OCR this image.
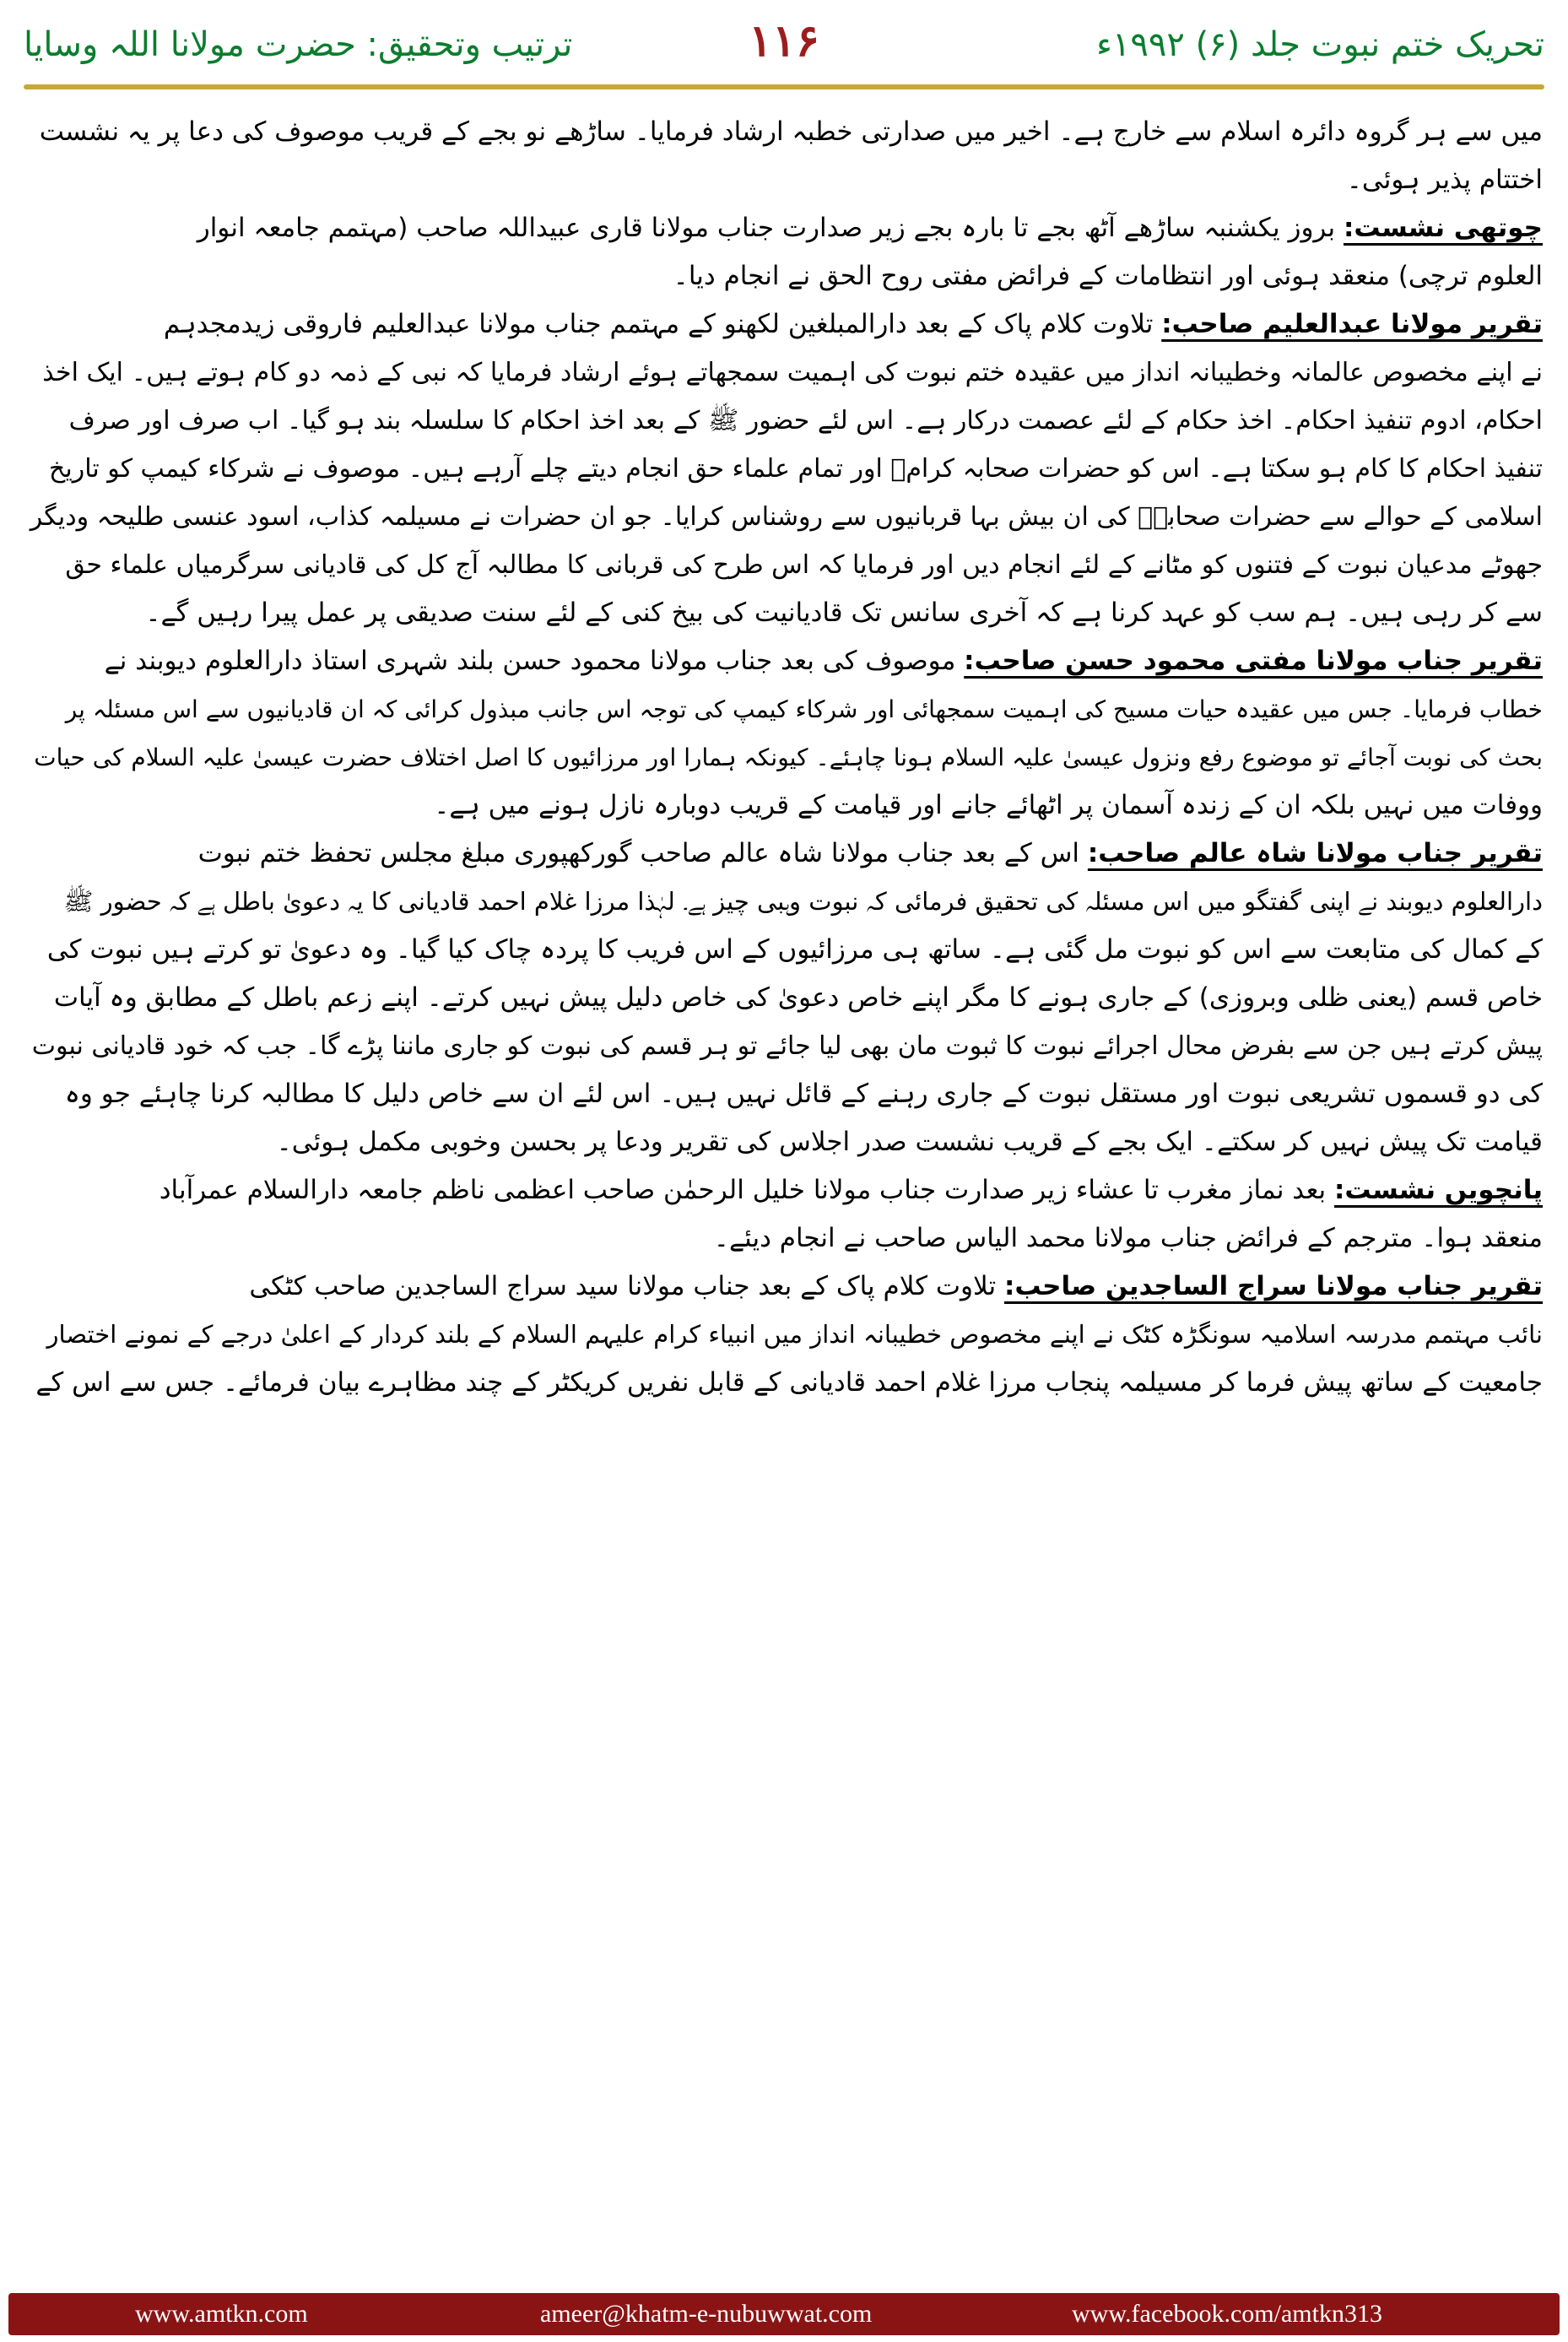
تحریک ختم نبوت جلد (۶) ۱۹۹۲ء
۱۱۶
ترتیب وتحقیق: حضرت مولانا اللہ وسایا
میں سے ہر گروہ دائرہ اسلام سے خارج ہے۔ اخیر میں صدارتی خطبہ ارشاد فرمایا۔ ساڑھے نو بجے کے قریب موصوف کی دعا پر یہ نشست
اختتام پذیر ہوئی۔
چوتھی نشست: بروز یکشنبہ ساڑھے آٹھ بجے تا بارہ بجے زیر صدارت جناب مولانا قاری عبیداللہ صاحب (مہتمم جامعہ انوار
العلوم ترچی) منعقد ہوئی اور انتظامات کے فرائض مفتی روح الحق نے انجام دیا۔
تقریر مولانا عبدالعلیم صاحب: تلاوت کلام پاک کے بعد دارالمبلغین لکھنو کے مہتمم جناب مولانا عبدالعلیم فاروقی زیدمجدہم
نے اپنے مخصوص عالمانہ وخطیبانہ انداز میں عقیدہ ختم نبوت کی اہمیت سمجھاتے ہوئے ارشاد فرمایا کہ نبی کے ذمہ دو کام ہوتے ہیں۔ ایک اخذ
احکام، ادوم تنفیذ احکام۔ اخذ حکام کے لئے عصمت درکار ہے۔ اس لئے حضور ﷺ کے بعد اخذ احکام کا سلسلہ بند ہو گیا۔ اب صرف اور صرف
تنفیذ احکام کا کام ہو سکتا ہے۔ اس کو حضرات صحابہ کرامؓ اور تمام علماء حق انجام دیتے چلے آرہے ہیں۔ موصوف نے شرکاء کیمپ کو تاریخ
اسلامی کے حوالے سے حضرات صحابہؓ کی ان بیش بہا قربانیوں سے روشناس کرایا۔ جو ان حضرات نے مسیلمہ کذاب، اسود عنسی طلیحہ ودیگر
جھوٹے مدعیان نبوت کے فتنوں کو مٹانے کے لئے انجام دیں اور فرمایا کہ اس طرح کی قربانی کا مطالبہ آج کل کی قادیانی سرگرمیاں علماء حق
سے کر رہی ہیں۔ ہم سب کو عہد کرنا ہے کہ آخری سانس تک قادیانیت کی بیخ کنی کے لئے سنت صدیقی پر عمل پیرا رہیں گے۔
تقریر جناب مولانا مفتی محمود حسن صاحب: موصوف کی بعد جناب مولانا محمود حسن بلند شہری استاذ دارالعلوم دیوبند نے
خطاب فرمایا۔ جس میں عقیدہ حیات مسیح کی اہمیت سمجھائی اور شرکاء کیمپ کی توجہ اس جانب مبذول کرائی کہ ان قادیانیوں سے اس مسئلہ پر
بحث کی نوبت آجائے تو موضوع رفع ونزول عیسیٰ علیہ السلام ہونا چاہئے۔ کیونکہ ہمارا اور مرزائیوں کا اصل اختلاف حضرت عیسیٰ علیہ السلام کی حیات
ووفات میں نہیں بلکہ ان کے زندہ آسمان پر اٹھائے جانے اور قیامت کے قریب دوبارہ نازل ہونے میں ہے۔
تقریر جناب مولانا شاہ عالم صاحب: اس کے بعد جناب مولانا شاہ عالم صاحب گورکھپوری مبلغ مجلس تحفظ ختم نبوت
دارالعلوم دیوبند نے اپنی گفتگو میں اس مسئلہ کی تحقیق فرمائی کہ نبوت وہبی چیز ہے۔ لہٰذا مرزا غلام احمد قادیانی کا یہ دعویٰ باطل ہے کہ حضور ﷺ
کے کمال کی متابعت سے اس کو نبوت مل گئی ہے۔ ساتھ ہی مرزائیوں کے اس فریب کا پردہ چاک کیا گیا۔ وہ دعویٰ تو کرتے ہیں نبوت کی
خاص قسم (یعنی ظلی وبروزی) کے جاری ہونے کا مگر اپنے خاص دعویٰ کی خاص دلیل پیش نہیں کرتے۔ اپنے زعم باطل کے مطابق وہ آیات
پیش کرتے ہیں جن سے بفرض محال اجرائے نبوت کا ثبوت مان بھی لیا جائے تو ہر قسم کی نبوت کو جاری ماننا پڑے گا۔ جب کہ خود قادیانی نبوت
کی دو قسموں تشریعی نبوت اور مستقل نبوت کے جاری رہنے کے قائل نہیں ہیں۔ اس لئے ان سے خاص دلیل کا مطالبہ کرنا چاہئے جو وہ
قیامت تک پیش نہیں کر سکتے۔ ایک بجے کے قریب نشست صدر اجلاس کی تقریر ودعا پر بحسن وخوبی مکمل ہوئی۔
پانچویں نشست: بعد نماز مغرب تا عشاء زیر صدارت جناب مولانا خلیل الرحمٰن صاحب اعظمی ناظم جامعہ دارالسلام عمرآباد
منعقد ہوا۔ مترجم کے فرائض جناب مولانا محمد الیاس صاحب نے انجام دیئے۔
تقریر جناب مولانا سراج الساجدین صاحب: تلاوت کلام پاک کے بعد جناب مولانا سید سراج الساجدین صاحب کٹکی
نائب مہتمم مدرسہ اسلامیہ سونگڑہ کٹک نے اپنے مخصوص خطیبانہ انداز میں انبیاء کرام علیہم السلام کے بلند کردار کے اعلیٰ درجے کے نمونے اختصار
جامعیت کے ساتھ پیش فرما کر مسیلمہ پنجاب مرزا غلام احمد قادیانی کے قابل نفریں کریکٹر کے چند مظاہرے بیان فرمائے۔ جس سے اس کے
www.amtkn.com	ameer@khatm-e-nubuwwat.com	www.facebook.com/amtkn313
